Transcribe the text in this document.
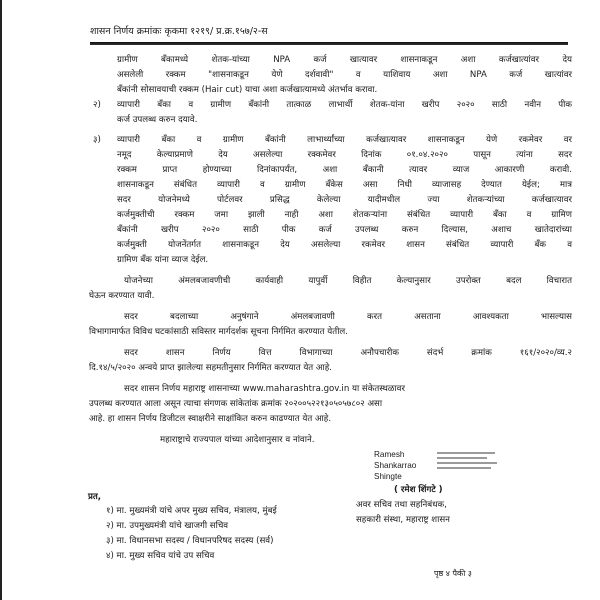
शासन निर्णय क्रमांकः कृकमा १२१९/ प्र.क्र.१५७/२-स
ग्रामीण बँकामध्ये शेतक-यांच्या NPA कर्ज खात्यावर शासनाकडून अशा कर्जखात्यांवर देय
असलेली रक्कम "शासनाकडून येणे दर्शवावी" व याशिवाय अशा NPA कर्ज खात्यांवर
बँकांनी सोसावयाची रक्कम (Hair cut) याचा अशा कर्जखात्यामध्ये अंतर्भाव करावा.
२) व्यापारी बँका व ग्रामीण बँकांनी तात्काळ लाभार्थी शेतक-यांना खरीप २०२० साठी नवीन पीक
कर्ज उपलब्ध करुन दयावे.
३) व्यापारी बँका व ग्रामीण बँकांनी लाभार्थ्यांच्या कर्जखात्यावर शासनाकडून येणे रकमेवर वर
नमूद केल्याप्रमाणे देय असलेल्या रक्कमेवर दिनांक ०१.०४.२०२० पासून त्यांना सदर
रक्कम प्राप्त होण्याच्या दिनांकापर्यंत, अशा बँकानी त्यावर व्याज आकारणी करावी.
शासनाकडून संबंधित व्यापारी व ग्रामीण बँकेस असा निधी व्याजासह देण्यात येईल; मात्र
सदर योजनेमध्ये पोर्टलवर प्रसिद्ध केलेल्या यादीमधील ज्या शेतकऱ्यांच्या कर्जखात्यावर
कर्जमुक्तीची रक्कम जमा झाली नाही अशा शेतकऱ्यांना संबंधित व्यापारी बँका व ग्रामिण
बँकांनी खरीप २०२० साठी पीक कर्ज उपलब्ध करुन दिल्यास, अशाच खातेदारांच्या
कर्जमुक्ती योजनेंतर्गत शासनाकडून देय असलेल्या रकमेवर शासन संबंधित व्यापारी बँक व
ग्रामिण बँक यांना व्याज देईल.
योजनेच्या अंमलबजावणीची कार्यवाही यापुर्वी विहीत केल्यानुसार उपरोक्त बदल विचारात
घेऊन करण्यात यावी.
सदर बदलाच्या अनुषंगाने अंमलबजावणी करत असताना आवश्यकता भासल्यास
विभागामार्फत विविध घटकांसाठी सविस्तर मार्गदर्शक सूचना निर्गमित करण्यात येतील.
सदर शासन निर्णय वित्त विभागाच्या अनौपचारीक संदर्भ क्रमांक १६१/२०२०/व्य.२
दि.१४/५/२०२० अन्वये प्राप्त झालेल्या सहमतीनुसार निर्गमित करण्यात येत आहे.
सदर शासन निर्णय महाराष्ट्र शासनाच्या www.maharashtra.gov.in या संकेतस्थळावर
उपलब्ध करण्यात आला असून त्याचा संगणक सांकेतांक क्रमांक २०२००५२२१३०५०५७८०२ असा
आहे. हा शासन निर्णय डिजीटल स्वाक्षरीने साक्षांकित करुन काढण्यात येत आहे.
महाराष्ट्राचे राज्यपाल यांच्या आदेशानुसार व नांवाने.
Ramesh
Shankarrao
Shingte
( रमेश शिंगटे )
अवर सचिव तथा सहनिबंधक,
सहकारी संस्था, महाराष्ट्र शासन
प्रत,
१) मा. मुख्यमंत्री यांचे अपर मुख्य सचिव, मंत्रालय, मुंबई
२) मा. उपमुख्यमंत्री यांचे खाजगी सचिव
३) मा. विधानसभा सदस्य / विधानपरिषद सदस्य (सर्व)
४) मा. मुख्य सचिव यांचे उप सचिव
पृष्ठ ४ पैकी ३
